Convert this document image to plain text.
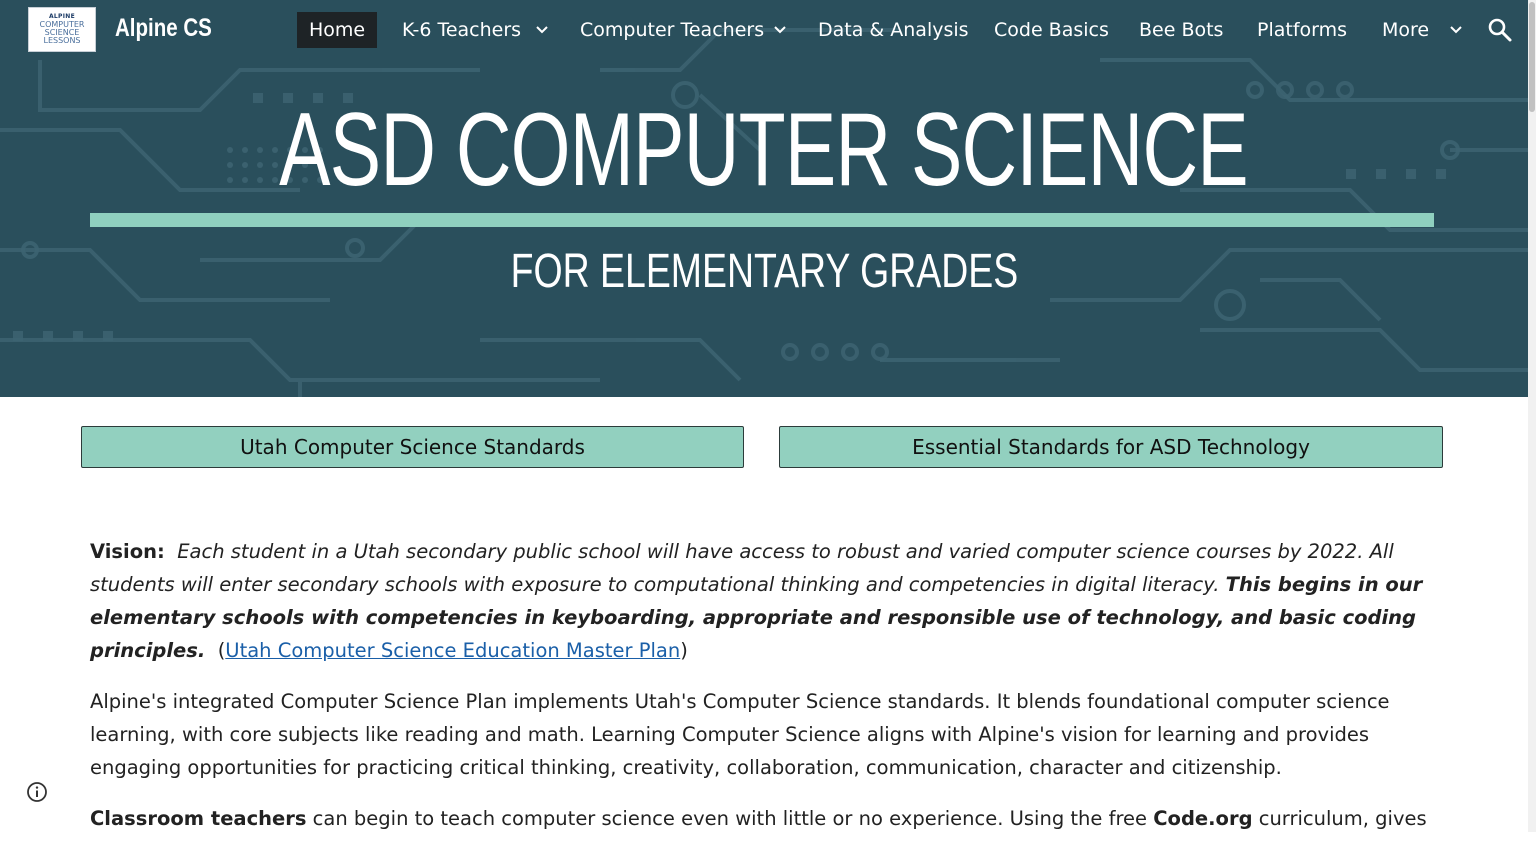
ALPINE
COMPUTER
SCIENCE
LESSONS Alpine CS	Home	K-6 Teachers	Computer Teachers	Data & Analysis Code Basics Bee Bots Platforms More
ASD COMPUTER SCIENCE
FOR ELEMENTARY GRADES
Utah Computer Science Standards	Essential Standards for ASD Technology

Vision: Each student in a Utah secondary public school will have access to robust and varied computer science courses by 2022. All students will enter secondary schools with exposure to computational thinking and competencies in digital literacy. This begins in our elementary schools with competencies in keyboarding, appropriate and responsible use of technology, and basic coding principles. (Utah Computer Science Education Master Plan)

Alpine's integrated Computer Science Plan implements Utah's Computer Science standards. It blends foundational computer science learning, with core subjects like reading and math. Learning Computer Science aligns with Alpine's vision for learning and provides engaging opportunities for practicing critical thinking, creativity, collaboration, communication, character and citizenship.

Classroom teachers can begin to teach computer science even with little or no experience. Using the free Code.org curriculum, gives
